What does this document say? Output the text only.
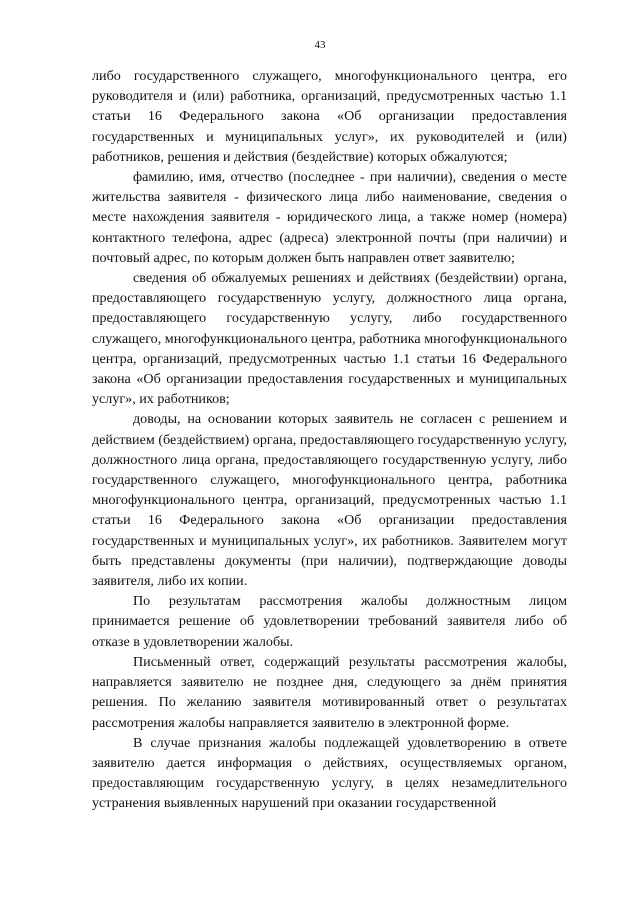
43

либо государственного служащего, многофункционального центра, его руководителя и (или) работника, организаций, предусмотренных частью 1.1 статьи 16 Федерального закона «Об организации предоставления государственных и муниципальных услуг», их руководителей и (или) работников, решения и действия (бездействие) которых обжалуются;

фамилию, имя, отчество (последнее - при наличии), сведения о месте жительства заявителя - физического лица либо наименование, сведения о месте нахождения заявителя - юридического лица, а также номер (номера) контактного телефона, адрес (адреса) электронной почты (при наличии) и почтовый адрес, по которым должен быть направлен ответ заявителю;

сведения об обжалуемых решениях и действиях (бездействии) органа, предоставляющего государственную услугу, должностного лица органа, предоставляющего государственную услугу, либо государственного служащего, многофункционального центра, работника многофункционального центра, организаций, предусмотренных частью 1.1 статьи 16 Федерального закона «Об организации предоставления государственных и муниципальных услуг», их работников;

доводы, на основании которых заявитель не согласен с решением и действием (бездействием) органа, предоставляющего государственную услугу, должностного лица органа, предоставляющего государственную услугу, либо государственного служащего, многофункционального центра, работника многофункционального центра, организаций, предусмотренных частью 1.1 статьи 16 Федерального закона «Об организации предоставления государственных и муниципальных услуг», их работников. Заявителем могут быть представлены документы (при наличии), подтверждающие доводы заявителя, либо их копии.

По результатам рассмотрения жалобы должностным лицом принимается решение об удовлетворении требований заявителя либо об отказе в удовлетворении жалобы.

Письменный ответ, содержащий результаты рассмотрения жалобы, направляется заявителю не позднее дня, следующего за днём принятия решения. По желанию заявителя мотивированный ответ о результатах рассмотрения жалобы направляется заявителю в электронной форме.

В случае признания жалобы подлежащей удовлетворению в ответе заявителю дается информация о действиях, осуществляемых органом, предоставляющим государственную услугу, в целях незамедлительного устранения выявленных нарушений при оказании государственной
